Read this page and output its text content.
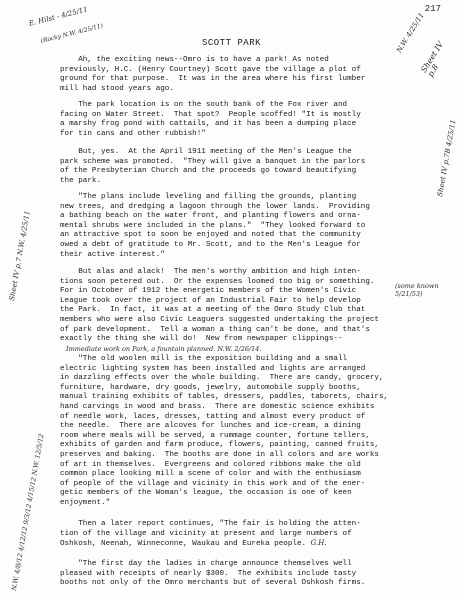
217
E. Hilst - 4/25/11
(Rocky N.W. 4/25/11)	N.W. 4/25/11
Sheet IV p.8
Sheet IV p.7B 4/25/11
Sheet IV p.7 N.W. 4/25/11
N.W. 4/8/12 4/12/12 9/3/12 4/15/12 N.W. 12/5/12
(some known 5/21/53)
SCOTT PARK
Ah, the exciting news--Omro is to have a park! As noted
previously, H.C. (Henry Courtney) Scott gave the village a plot of
ground for that purpose.  It was in the area where his first lumber
mill had stood years ago.
The park location is on the south bank of the Fox river and
facing on Water Street.  That spot?  People scoffed! "It is mostly
a marshy frog pond with cattails, and it has been a dumping place
for tin cans and other rubbish!"
But, yes.  At the April 1911 meeting of the Men's League the
park scheme was promoted.  "They will give a banquet in the parlors
of the Presbyterian Church and the proceeds go toward beautifying
the park.
"The plans include leveling and filling the grounds, planting
new trees, and dredging a lagoon through the lower lands.  Providing
a bathing beach on the water front, and planting flowers and orna-
mental shrubs were included in the plans."  "They looked forward to
an attractive spot to soon be enjoyed and noted that the community
owed a debt of gratitude to Mr. Scott, and to the Men's League for
their active interest."
But alas and alack!  The men's worthy ambition and high inten-
tions soon petered out.  Or the expenses loomed too big or something.
For in October of 1912 the energetic members of the Women's Civic
League took over the project of an Industrial Fair to help develop
the Park.  In fact, it was at a meeting of the Omro Study Club that
members who were also Civic Leaguers suggested undertaking the project
of park development.  Tell a woman a thing can't be done, and that's
exactly the thing she will do!  New from newspaper clippings--
Immediate work on Park, a fountain planned. N.W. 2/26/14.
"The old woolen mill is the exposition building and a small
electric lighting system has been installed and lights are arranged
in dazzling effects over the whole building.  There are candy, grocery,
furniture, hardware, dry goods, jewelry, automobile supply booths,
manual training exhibits of tables, dressers, paddles, taborets, chairs,
hand carvings in wood and brass.  There are domestic science exhibits
of needle work, laces, dresses, tatting and almost every product of
the needle.  There are alcoves for lunches and ice-cream, a dining
room where meals will be served, a rummage counter, fortune tellers,
exhibits of garden and farm produce, flowers, painting, canned fruits,
preserves and baking.  The booths are done in all colors and are works
of art in themselves.  Evergreens and colored ribbons make the old
common place looking mill a scene of color and with the enthusiasm
of people of the village and vicinity in this work and of the ener-
getic members of the Woman's league, the occasion is one of keen
enjoyment."
Then a later report continues, "The fair is holding the atten-
tion of the village and vicinity at present and large numbers of
Oshkosh, Neenah, Winneconne, Waukau and Eureka people. G.H.
"The first day the ladies in charge announce themselves well
pleased with receipts of nearly $300.  The exhibits include tasty
booths not only of the Omro merchants but of several Oshkosh firms.
